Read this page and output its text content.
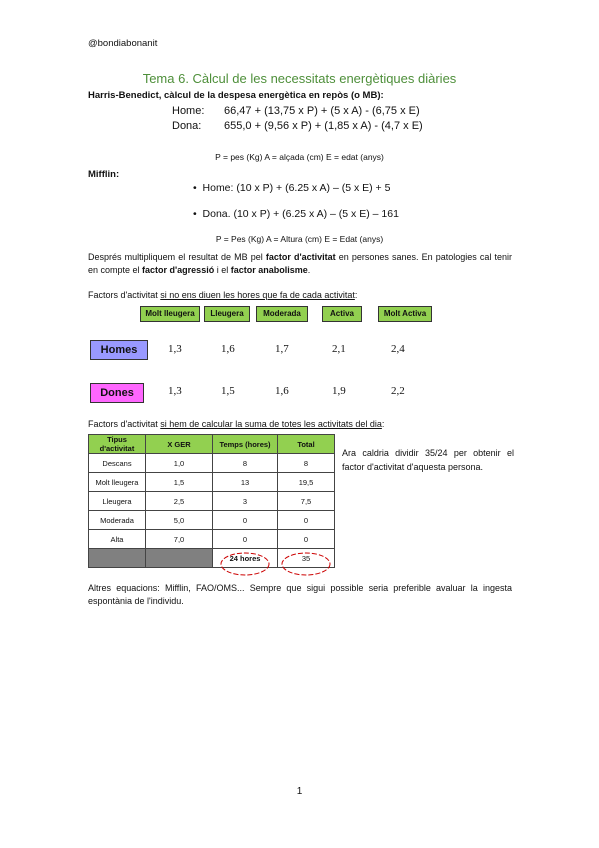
@bondiabonanit
Tema 6. Càlcul de les necessitats energètiques diàries
Harris-Benedict, càlcul de la despesa energètica en repòs (o MB):
Home: 66,47 + (13,75 x P) + (5 x A) - (6,75 x E)
Dona: 655,0 + (9,56 x P) + (1,85 x A) - (4,7 x E)
P = pes (Kg) A = alçada (cm) E = edat (anys)
Mifflin:
•  Home: (10 x P) + (6.25 x A) – (5 x E) + 5
•  Dona. (10 x P) + (6.25 x A) – (5 x E) – 161
P = Pes (Kg) A = Altura (cm) E = Edat (anys)
Després multipliquem el resultat de MB pel factor d'activitat en persones sanes. En patologies cal tenir en compte el factor d'agressió i el factor anabolisme.
Factors d'activitat si no ens diuen les hores que fa de cada activitat:
Molt lleugera	Lleugera	Moderada	Activa	Molt Activa
Homes	1,3	1,6	1,7	2,1	2,4
Dones	1,3	1,5	1,6	1,9	2,2
Factors d'activitat si hem de calcular la suma de totes les activitats del dia:
Tipus d'activitat	X GER	Temps (hores)	Total
Descans	1,0	8	8
Molt lleugera	1,5	13	19,5
Lleugera	2,5	3	7,5
Moderada	5,0	0	0
Alta	7,0	0	0
		24 hores	35
Ara caldria dividir 35/24 per obtenir el factor d'activitat d'aquesta persona.
Altres equacions: Mifflin, FAO/OMS... Sempre que sigui possible seria preferible avaluar la ingesta espontània de l'individu.
1
